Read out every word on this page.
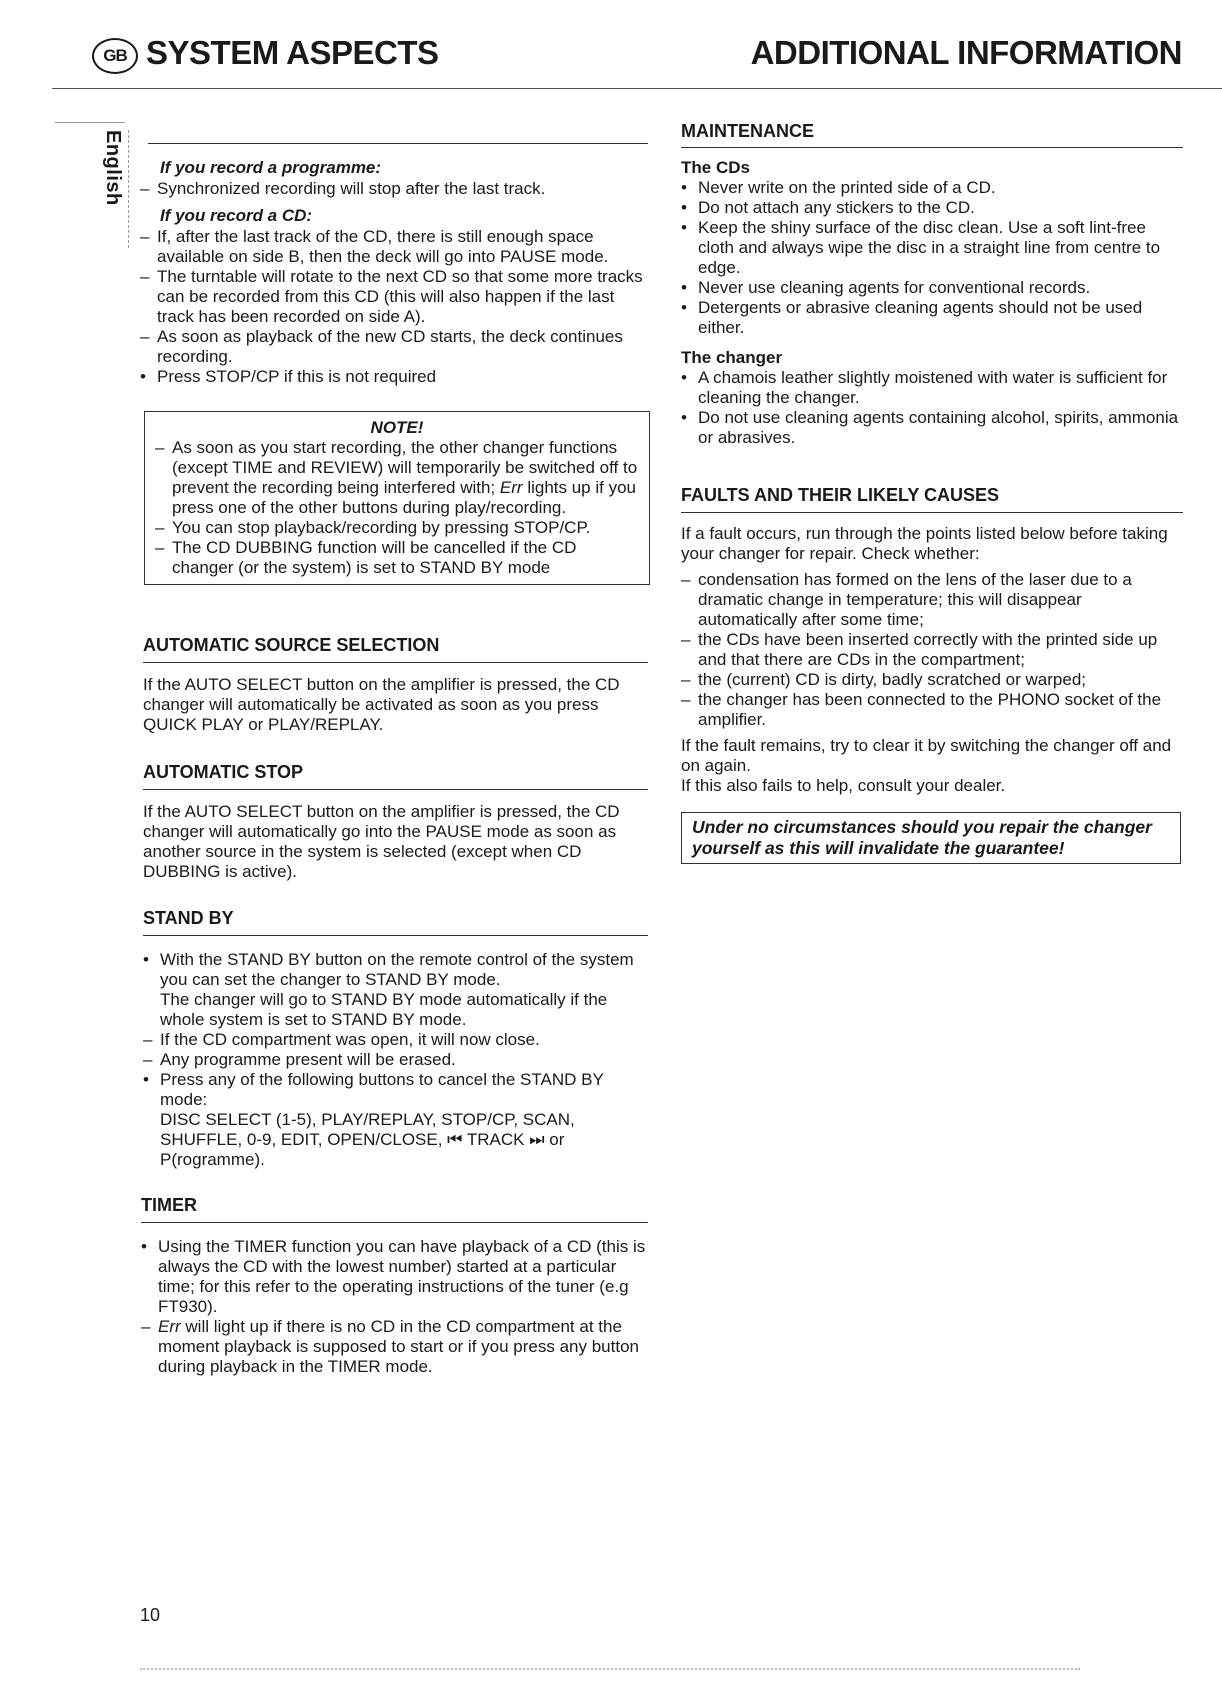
GB SYSTEM ASPECTS	ADDITIONAL INFORMATION
English If you record a programme:
– Synchronized recording will stop after the last track.
If you record a CD:
– If, after the last track of the CD, there is still enough space available on side B, then the deck will go into PAUSE mode.
– The turntable will rotate to the next CD so that some more tracks can be recorded from this CD (this will also happen if the last track has been recorded on side A).
– As soon as playback of the new CD starts, the deck continues recording.
• Press STOP/CP if this is not required
NOTE!
– As soon as you start recording, the other changer functions (except TIME and REVIEW) will temporarily be switched off to prevent the recording being interfered with; Err lights up if you press one of the other buttons during play/recording.
– You can stop playback/recording by pressing STOP/CP.
– The CD DUBBING function will be cancelled if the CD changer (or the system) is set to STAND BY mode
AUTOMATIC SOURCE SELECTION

If the AUTO SELECT button on the amplifier is pressed, the CD changer will automatically be activated as soon as you press QUICK PLAY or PLAY/REPLAY.

AUTOMATIC STOP

If the AUTO SELECT button on the amplifier is pressed, the CD changer will automatically go into the PAUSE mode as soon as another source in the system is selected (except when CD DUBBING is active).

STAND BY
• With the STAND BY button on the remote control of the system you can set the changer to STAND BY mode.
The changer will go to STAND BY mode automatically if the whole system is set to STAND BY mode.
– If the CD compartment was open, it will now close.
– Any programme present will be erased.
• Press any of the following buttons to cancel the STAND BY mode:
DISC SELECT (1-5), PLAY/REPLAY, STOP/CP, SCAN, SHUFFLE, 0-9, EDIT, OPEN/CLOSE, ⏮ TRACK ⏭ or P(rogramme).
TIMER
• Using the TIMER function you can have playback of a CD (this is always the CD with the lowest number) started at a particular time; for this refer to the operating instructions of the tuner (e.g FT930).
– Err will light up if there is no CD in the CD compartment at the moment playback is supposed to start or if you press any button during playback in the TIMER mode.
MAINTENANCE
The CDs
• Never write on the printed side of a CD.
• Do not attach any stickers to the CD.
• Keep the shiny surface of the disc clean. Use a soft lint-free cloth and always wipe the disc in a straight line from centre to edge.
• Never use cleaning agents for conventional records.
• Detergents or abrasive cleaning agents should not be used either.
The changer
• A chamois leather slightly moistened with water is sufficient for cleaning the changer.
• Do not use cleaning agents containing alcohol, spirits, ammonia or abrasives.
FAULTS AND THEIR LIKELY CAUSES

If a fault occurs, run through the points listed below before taking your changer for repair. Check whether:

– condensation has formed on the lens of the laser due to a dramatic change in temperature; this will disappear automatically after some time;
– the CDs have been inserted correctly with the printed side up and that there are CDs in the compartment;
– the (current) CD is dirty, badly scratched or warped;
– the changer has been connected to the PHONO socket of the amplifier.

If the fault remains, try to clear it by switching the changer off and on again.

If this also fails to help, consult your dealer.

Under no circumstances should you repair the changer yourself as this will invalidate the guarantee!
10
